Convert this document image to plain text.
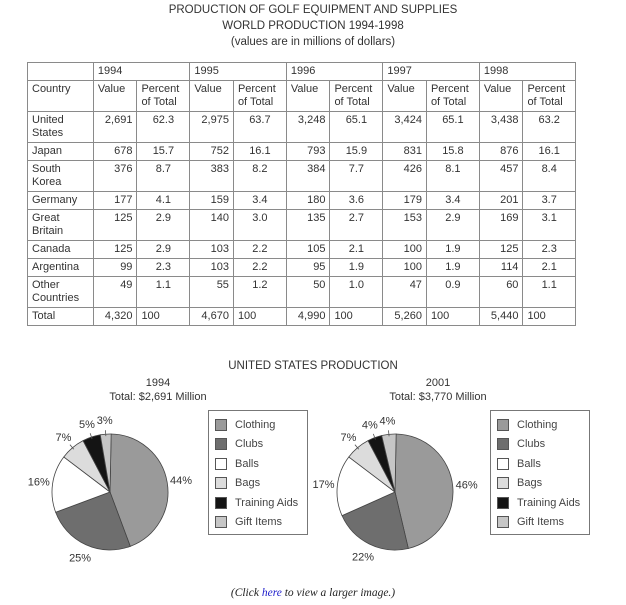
PRODUCTION OF GOLF EQUIPMENT AND SUPPLIES
WORLD PRODUCTION 1994-1998
(values are in millions of dollars)
	1994		1995		1996		1997		1998	
Country	Value	Percent of Total	Value	Percent of Total	Value	Percent of Total	Value	Percent of Total	Value	Percent of Total
United States	2,691	62.3	2,975	63.7	3,248	65.1	3,424	65.1	3,438	63.2
Japan	678	15.7	752	16.1	793	15.9	831	15.8	876	16.1
South Korea	376	8.7	383	8.2	384	7.7	426	8.1	457	8.4
Germany	177	4.1	159	3.4	180	3.6	179	3.4	201	3.7
Great Britain	125	2.9	140	3.0	135	2.7	153	2.9	169	3.1
Canada	125	2.9	103	2.2	105	2.1	100	1.9	125	2.3
Argentina	99	2.3	103	2.2	95	1.9	100	1.9	114	2.1
Other Countries	49	1.1	55	1.2	50	1.0	47	0.9	60	1.1
Total	4,320	100	4,670	100	4,990	100	5,260	100	5,440	100
UNITED STATES PRODUCTION
1994
Total: $2,691 Million
44%
25%
16%
7%
5% 3%	Clothing
Clubs
Balls
Bags
Training Aids
Gift Items
2001
Total: $3,770 Million
46%
22%
17%
7%
4% 4%	Clothing
Clubs
Balls
Bags
Training Aids
Gift Items
(Click here to view a larger image.)
